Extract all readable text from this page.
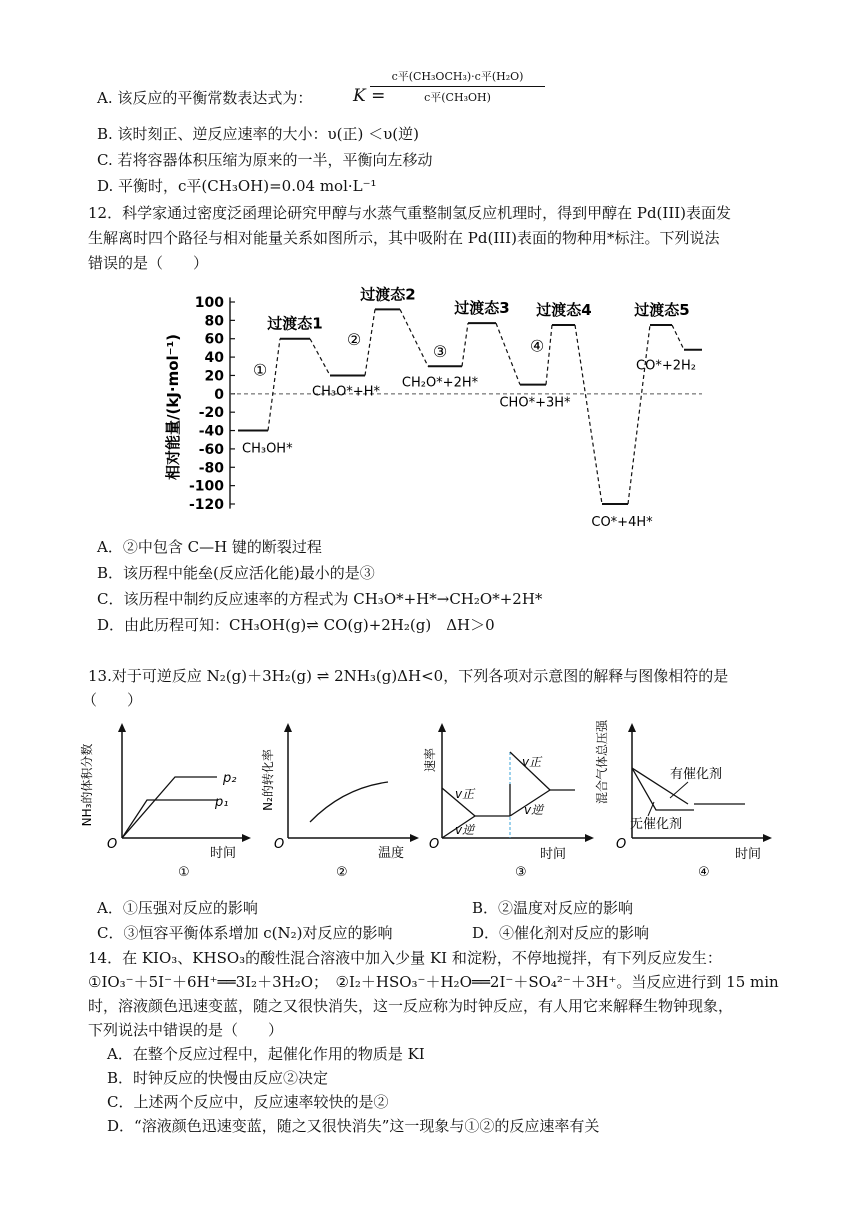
A. 该反应的平衡常数表达式为： K =
c平(CH₃OCH₃)·c平(H₂O)
c平(CH₃OH)
B. 该时刻正、逆反应速率的大小：υ(正) ＜υ(逆)
C. 若将容器体积压缩为原来的一半，平衡向左移动
D. 平衡时，c平(CH₃OH)=0.04 mol·L⁻¹
12．科学家通过密度泛函理论研究甲醇与水蒸气重整制氢反应机理时，得到甲醇在 Pd(III)表面发
生解离时四个路径与相对能量关系如图所示，其中吸附在 Pd(III)表面的物种用*标注。下列说法
错误的是（　　）
相对能量/(kJ·mol⁻¹)
100
80
60
40
20
0
-20
-40
-60
-80
-100
-120
CH₃OH*
过渡态1
CH₃O*+H*
过渡态2
CH₂O*+2H*
过渡态3
CHO*+3H*
过渡态4
CO*+4H*
过渡态5
CO*+2H₂
①
②
③	④
A．②中包含 C—H 键的断裂过程
B．该历程中能垒(反应活化能)最小的是③
C．该历程中制约反应速率的方程式为 CH₃O*+H*→CH₂O*+2H*
D．由此历程可知：CH₃OH(g)⇌ CO(g)+2H₂(g)　ΔH＞0
13.对于可逆反应 N₂(g)＋3H₂(g) ⇌ 2NH₃(g)ΔH<0，下列各项对示意图的解释与图像相符的是
（　　）
NH₃的体积分数	p₂
p₁
O
时间
①
N₂的转化率
O
温度
②
速率
v正
v逆
v正
v逆
O
时间
③
混合气体总压强	有催化剂
无催化剂
O
时间
④
A．①压强对反应的影响	B．②温度对反应的影响
C．③恒容平衡体系增加 c(N₂)对反应的影响	D．④催化剂对反应的影响
14．在 KIO₃、KHSO₃的酸性混合溶液中加入少量 KI 和淀粉，不停地搅拌，有下列反应发生：
①IO₃⁻＋5I⁻＋6H⁺══3I₂＋3H₂O；　②I₂＋HSO₃⁻＋H₂O══2I⁻＋SO₄²⁻＋3H⁺。当反应进行到 15 min
时，溶液颜色迅速变蓝，随之又很快消失，这一反应称为时钟反应，有人用它来解释生物钟现象，
下列说法中错误的是（　　）
A．在整个反应过程中，起催化作用的物质是 KI
B．时钟反应的快慢由反应②决定
C．上述两个反应中，反应速率较快的是②
D．“溶液颜色迅速变蓝，随之又很快消失”这一现象与①②的反应速率有关
